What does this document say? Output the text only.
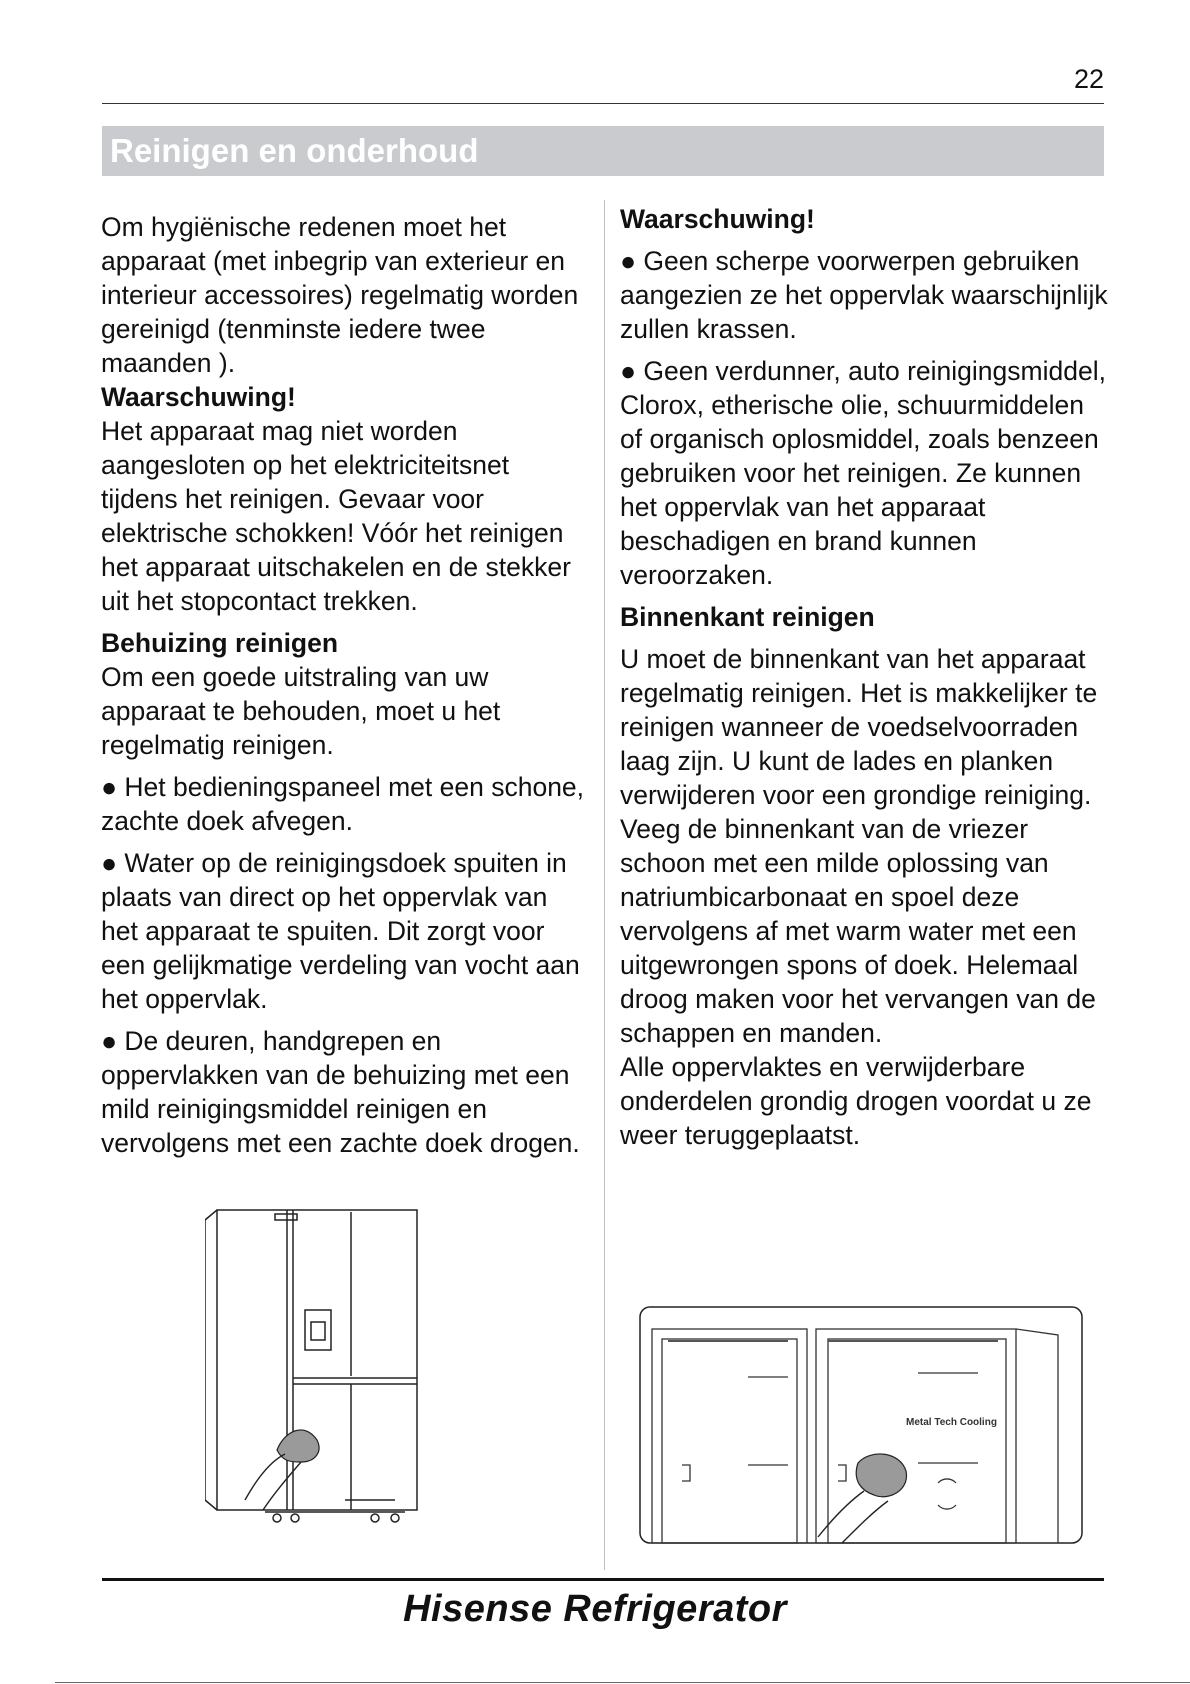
22
Reinigen en onderhoud

Om hygiënische redenen moet het apparaat (met inbegrip van exterieur en interieur accessoires) regelmatig worden gereinigd (tenminste iedere twee maanden ).

Waarschuwing!

Het apparaat mag niet worden aangesloten op het elektriciteitsnet tijdens het reinigen. Gevaar voor elektrische schokken! Vóór het reinigen het apparaat uitschakelen en de stekker uit het stopcontact trekken.

Behuizing reinigen

Om een goede uitstraling van uw apparaat te behouden, moet u het regelmatig reinigen.

● Het bedieningspaneel met een schone, zachte doek afvegen.

● Water op de reinigingsdoek spuiten in plaats van direct op het oppervlak van het apparaat te spuiten. Dit zorgt voor een gelijkmatige verdeling van vocht aan het oppervlak.

● De deuren, handgrepen en oppervlakken van de behuizing met een mild reinigingsmiddel reinigen en vervolgens met een zachte doek drogen.

Waarschuwing!

● Geen scherpe voorwerpen gebruiken aangezien ze het oppervlak waarschijnlijk zullen krassen.

● Geen verdunner, auto reinigingsmiddel, Clorox, etherische olie, schuurmiddelen of organisch oplosmiddel, zoals benzeen gebruiken voor het reinigen. Ze kunnen het oppervlak van het apparaat beschadigen en brand kunnen veroorzaken.

Binnenkant reinigen

U moet de binnenkant van het apparaat regelmatig reinigen. Het is makkelijker te reinigen wanneer de voedselvoorraden laag zijn. U kunt de lades en planken verwijderen voor een grondige reiniging. Veeg de binnenkant van de vriezer schoon met een milde oplossing van natriumbicarbonaat en spoel deze vervolgens af met warm water met een uitgewrongen spons of doek. Helemaal droog maken voor het vervangen van de schappen en manden.

Alle oppervlaktes en verwijderbare onderdelen grondig drogen voordat u ze weer teruggeplaatst.

Metal Tech Cooling
Hisense Refrigerator
